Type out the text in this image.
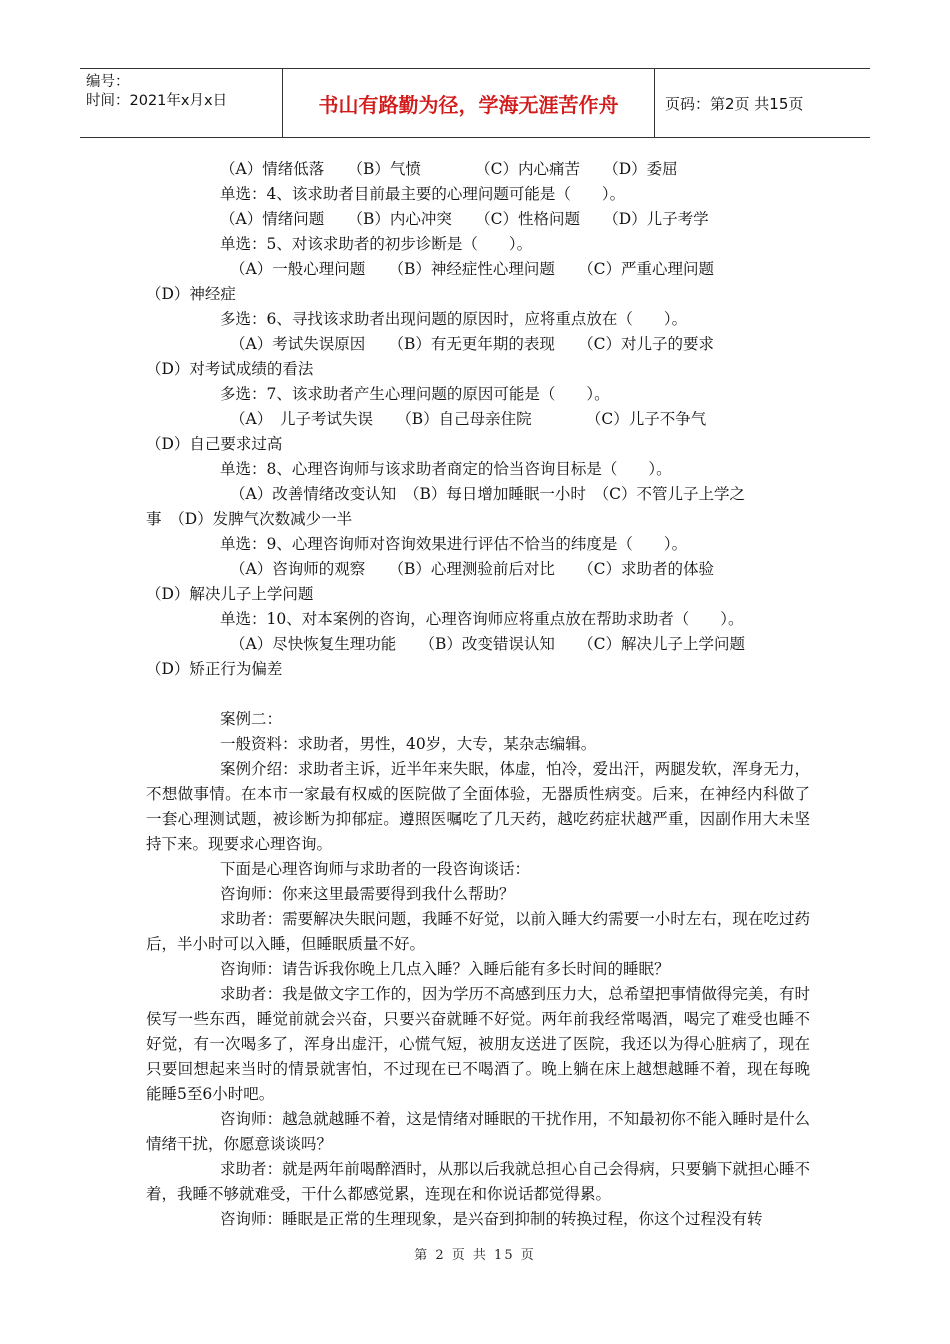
编号：
时间：2021年x月x日	书山有路勤为径，学海无涯苦作舟	页码：第2页 共15页
（A）情绪低落　　（B）气愤　　　　（C）内心痛苦　　（D）委屈
单选：4、该求助者目前最主要的心理问题可能是（　　）。
（A）情绪问题　　（B）内心冲突　　（C）性格问题　　（D）儿子考学
单选：5、对该求助者的初步诊断是（　　）。
（A）一般心理问题　　（B）神经症性心理问题　　（C）严重心理问题
（D）神经症
多选：6、寻找该求助者出现问题的原因时，应将重点放在（　　）。
（A）考试失误原因　　（B）有无更年期的表现　　（C）对儿子的要求
（D）对考试成绩的看法
多选：7、该求助者产生心理问题的原因可能是（　　）。
（A）　儿子考试失误　　（B）自己母亲住院　　　　（C）儿子不争气
（D）自己要求过高
单选：8、心理咨询师与该求助者商定的恰当咨询目标是（　　）。
（A）改善情绪改变认知　（B）每日增加睡眠一小时　（C）不管儿子上学之
事　（D）发脾气次数减少一半
单选：9、心理咨询师对咨询效果进行评估不恰当的纬度是（　　）。
（A）咨询师的观察　　（B）心理测验前后对比　　（C）求助者的体验
（D）解决儿子上学问题
单选：10、对本案例的咨询，心理咨询师应将重点放在帮助求助者（　　）。
（A）尽快恢复生理功能　　（B）改变错误认知　　（C）解决儿子上学问题
（D）矫正行为偏差
案例二：
一般资料：求助者，男性，40岁，大专，某杂志编辑。
案例介绍：求助者主诉，近半年来失眠，体虚，怕冷，爱出汗，两腿发软，浑身无力，不想做事情。在本市一家最有权威的医院做了全面体验，无器质性病变。后来，在神经内科做了一套心理测试题，被诊断为抑郁症。遵照医嘱吃了几天药，越吃药症状越严重，因副作用大未坚持下来。现要求心理咨询。
下面是心理咨询师与求助者的一段咨询谈话：
咨询师：你来这里最需要得到我什么帮助？
求助者：需要解决失眠问题，我睡不好觉，以前入睡大约需要一小时左右，现在吃过药后，半小时可以入睡，但睡眠质量不好。
咨询师：请告诉我你晚上几点入睡？入睡后能有多长时间的睡眠？
求助者：我是做文字工作的，因为学历不高感到压力大，总希望把事情做得完美，有时侯写一些东西，睡觉前就会兴奋，只要兴奋就睡不好觉。两年前我经常喝酒，喝完了难受也睡不好觉，有一次喝多了，浑身出虚汗，心慌气短，被朋友送进了医院，我还以为得心脏病了，现在只要回想起来当时的情景就害怕，不过现在已不喝酒了。晚上躺在床上越想越睡不着，现在每晚能睡5至6小时吧。
咨询师：越急就越睡不着，这是情绪对睡眠的干扰作用，不知最初你不能入睡时是什么情绪干扰，你愿意谈谈吗？
求助者：就是两年前喝醉酒时，从那以后我就总担心自己会得病，只要躺下就担心睡不着，我睡不够就难受，干什么都感觉累，连现在和你说话都觉得累。
咨询师：睡眠是正常的生理现象，是兴奋到抑制的转换过程，你这个过程没有转
第 2 页 共 15 页
